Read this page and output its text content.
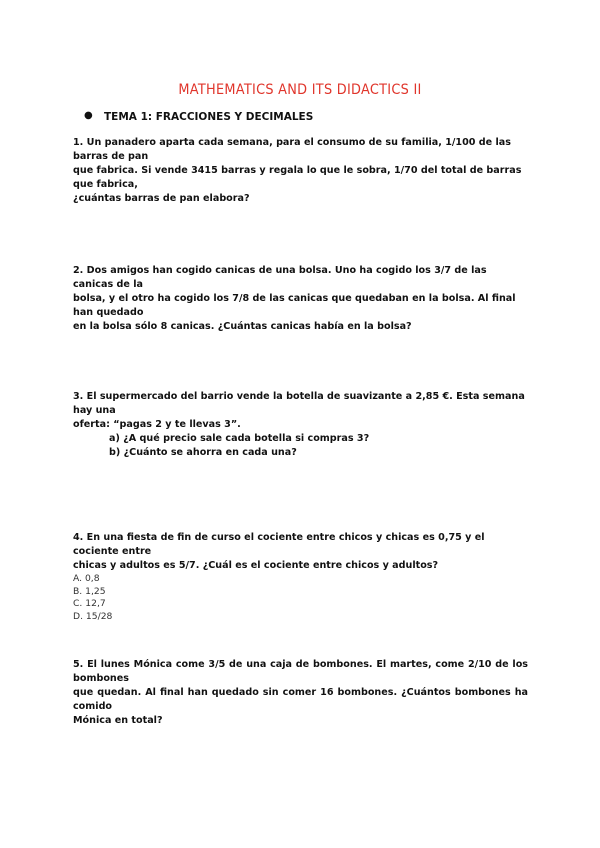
MATHEMATICS AND ITS DIDACTICS II
● TEMA 1: FRACCIONES Y DECIMALES

1. Un panadero aparta cada semana, para el consumo de su familia, 1/100 de las barras de pan

que fabrica. Si vende 3415 barras y regala lo que le sobra, 1/70 del total de barras que fabrica,

¿cuántas barras de pan elabora?

2. Dos amigos han cogido canicas de una bolsa. Uno ha cogido los 3/7 de las canicas de la

bolsa, y el otro ha cogido los 7/8 de las canicas que quedaban en la bolsa. Al final han quedado

en la bolsa sólo 8 canicas. ¿Cuántas canicas había en la bolsa?

3. El supermercado del barrio vende la botella de suavizante a 2,85 €. Esta semana hay una

oferta: “pagas 2 y te llevas 3”.

a) ¿A qué precio sale cada botella si compras 3?

b) ¿Cuánto se ahorra en cada una?

4. En una fiesta de fin de curso el cociente entre chicos y chicas es 0,75 y el cociente entre

chicas y adultos es 5/7. ¿Cuál es el cociente entre chicos y adultos?

A. 0,8

B. 1,25

C. 12,7

D. 15/28

5. El lunes Mónica come 3/5 de una caja de bombones. El martes, come 2/10 de los bombones

que quedan. Al final han quedado sin comer 16 bombones. ¿Cuántos bombones ha comido

Mónica en total?
